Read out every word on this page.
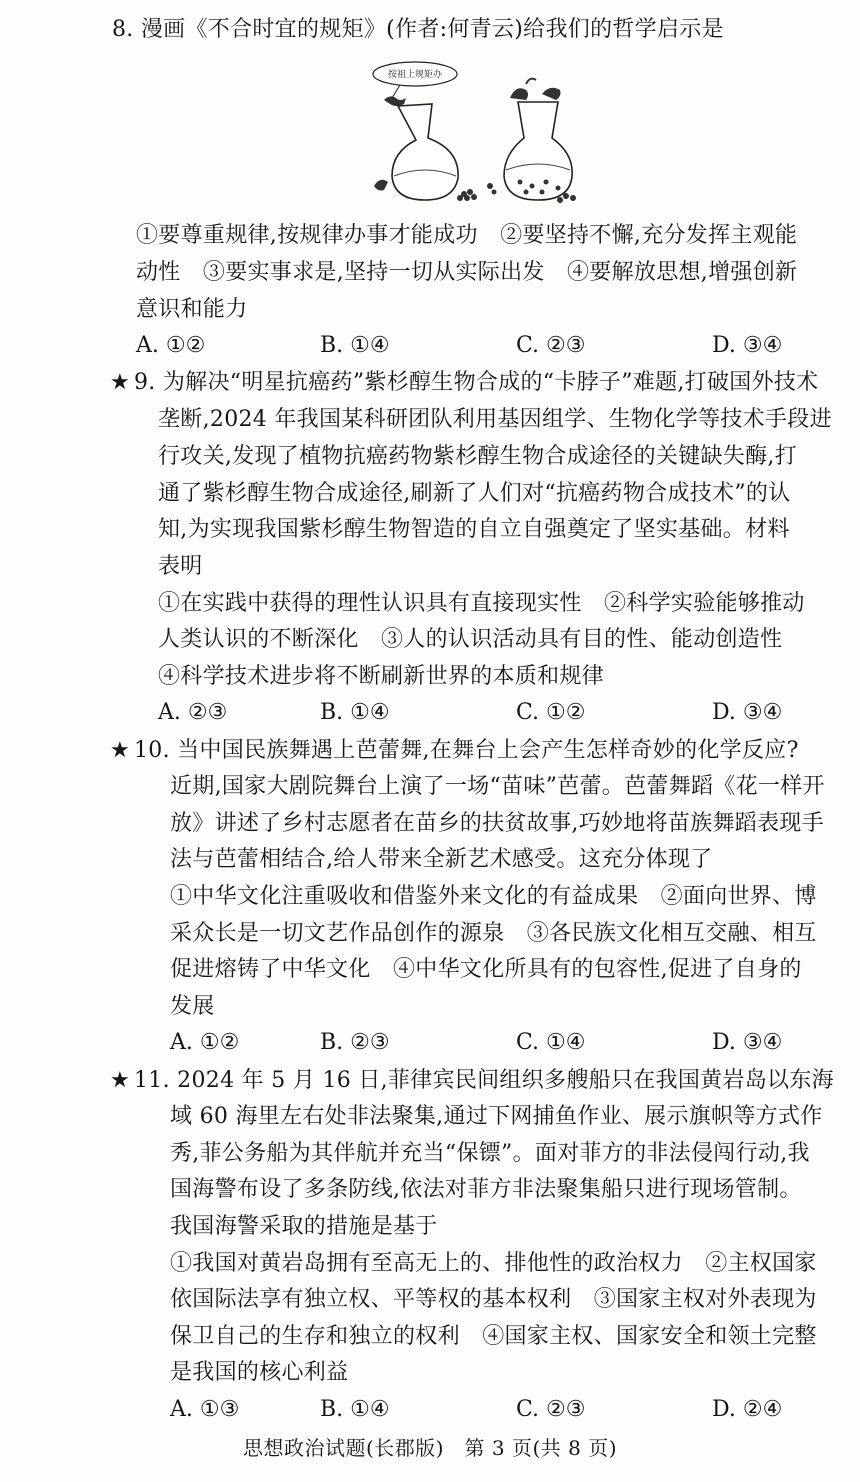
8. 漫画《不合时宜的规矩》(作者:何青云)给我们的哲学启示是
按祖上规矩办
①要尊重规律,按规律办事才能成功　②要坚持不懈,充分发挥主观能
动性　③要实事求是,坚持一切从实际出发　④要解放思想,增强创新
意识和能力
A. ①②	B. ①④	C. ②③	D. ③④
★ 9. 为解决“明星抗癌药”紫杉醇生物合成的“卡脖子”难题,打破国外技术
垄断,2024 年我国某科研团队利用基因组学、生物化学等技术手段进
行攻关,发现了植物抗癌药物紫杉醇生物合成途径的关键缺失酶,打
通了紫杉醇生物合成途径,刷新了人们对“抗癌药物合成技术”的认
知,为实现我国紫杉醇生物智造的自立自强奠定了坚实基础。材料
表明
①在实践中获得的理性认识具有直接现实性　②科学实验能够推动
人类认识的不断深化　③人的认识活动具有目的性、能动创造性
④科学技术进步将不断刷新世界的本质和规律
A. ②③	B. ①④	C. ①②	D. ③④
★ 10. 当中国民族舞遇上芭蕾舞,在舞台上会产生怎样奇妙的化学反应?
近期,国家大剧院舞台上演了一场“苗味”芭蕾。芭蕾舞蹈《花一样开
放》讲述了乡村志愿者在苗乡的扶贫故事,巧妙地将苗族舞蹈表现手
法与芭蕾相结合,给人带来全新艺术感受。这充分体现了
①中华文化注重吸收和借鉴外来文化的有益成果　②面向世界、博
采众长是一切文艺作品创作的源泉　③各民族文化相互交融、相互
促进熔铸了中华文化　④中华文化所具有的包容性,促进了自身的
发展
A. ①②	B. ②③	C. ①④	D. ③④
★ 11. 2024 年 5 月 16 日,菲律宾民间组织多艘船只在我国黄岩岛以东海
域 60 海里左右处非法聚集,通过下网捕鱼作业、展示旗帜等方式作
秀,菲公务船为其伴航并充当“保镖”。面对菲方的非法侵闯行动,我
国海警布设了多条防线,依法对菲方非法聚集船只进行现场管制。
我国海警采取的措施是基于
①我国对黄岩岛拥有至高无上的、排他性的政治权力　②主权国家
依国际法享有独立权、平等权的基本权利　③国家主权对外表现为
保卫自己的生存和独立的权利　④国家主权、国家安全和领土完整
是我国的核心利益
A. ①③	B. ①④	C. ②③	D. ②④
思想政治试题(长郡版)　第 3 页(共 8 页)
